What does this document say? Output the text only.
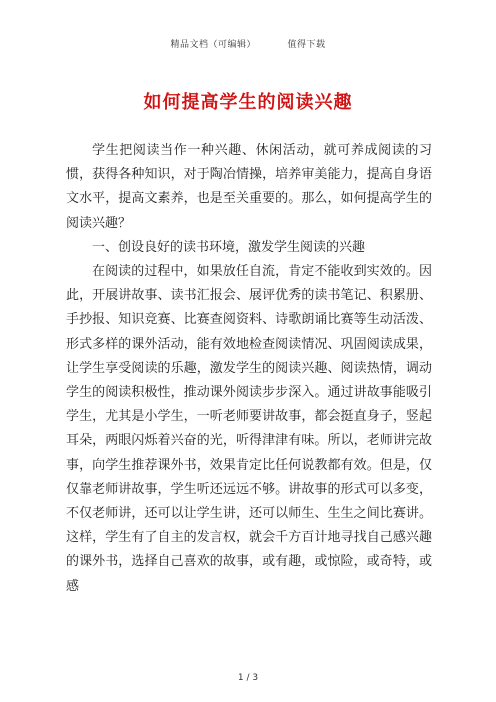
精品文档（可编辑）	值得下载
如何提高学生的阅读兴趣

学生把阅读当作一种兴趣、休闲活动，就可养成阅读的习惯，获得各种知识，对于陶冶情操，培养审美能力，提高自身语文水平，提高文素养，也是至关重要的。那么，如何提高学生的阅读兴趣？

一、创设良好的读书环境，激发学生阅读的兴趣

在阅读的过程中，如果放任自流，肯定不能收到实效的。因此，开展讲故事、读书汇报会、展评优秀的读书笔记、积累册、手抄报、知识竞赛、比赛查阅资料、诗歌朗诵比赛等生动活泼、形式多样的课外活动，能有效地检查阅读情况、巩固阅读成果，让学生享受阅读的乐趣，激发学生的阅读兴趣、阅读热情，调动学生的阅读积极性，推动课外阅读步步深入。通过讲故事能吸引学生，尤其是小学生，一听老师要讲故事，都会挺直身子，竖起耳朵，两眼闪烁着兴奋的光，听得津津有味。所以，老师讲完故事，向学生推荐课外书，效果肯定比任何说教都有效。但是，仅仅靠老师讲故事，学生听还远远不够。讲故事的形式可以多变，不仅老师讲，还可以让学生讲，还可以师生、生生之间比赛讲。这样，学生有了自主的发言权，就会千方百计地寻找自己感兴趣的课外书，选择自己喜欢的故事，或有趣，或惊险，或奇特，或感

1 / 3
